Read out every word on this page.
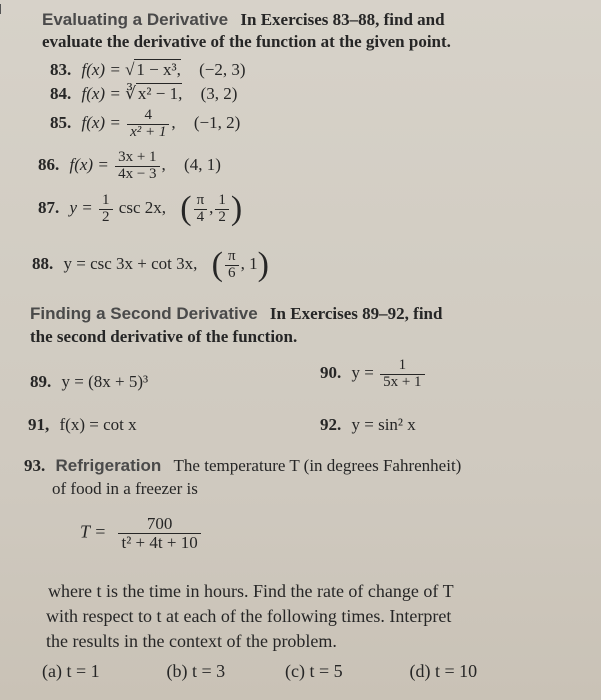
Evaluating a Derivative In Exercises 83–88, find and
evaluate the derivative of the function at the given point.
83. f(x) = √ 1 − x³, (−2, 3)
84. f(x) = ∛ x² − 1, (3, 2)
85. $f(x) = \frac{4}{\text{x² + 1}}$ , (−1, 2)
86. $f(x) = \frac{3x + 1}{4x - 3}$ , (4, 1)
87. $y = \frac{1}{2}$ csc 2x, ( $\frac{\pi}{4}$ , $\frac{1}{2}$ )
88. y = csc 3x + cot 3x, ( $\frac{\pi}{6}$ , 1)
Finding a Second Derivative In Exercises 89–92, find
the second derivative of the function.
89. y = (8x + 5)³	90. $y = \frac{1}{5x + 1}$
91, f(x) = cot x	92. y = sin² x
93. Refrigeration The temperature T (in degrees Fahrenheit)
of food in a freezer is
$T = \frac{700}{\text{t² + 4t + 10}}$
where t is the time in hours. Find the rate of change of T
with respect to t at each of the following times. Interpret
the results in the context of the problem.
(a) t = 1	(b) t = 3	(c) t = 5	(d) t = 10
